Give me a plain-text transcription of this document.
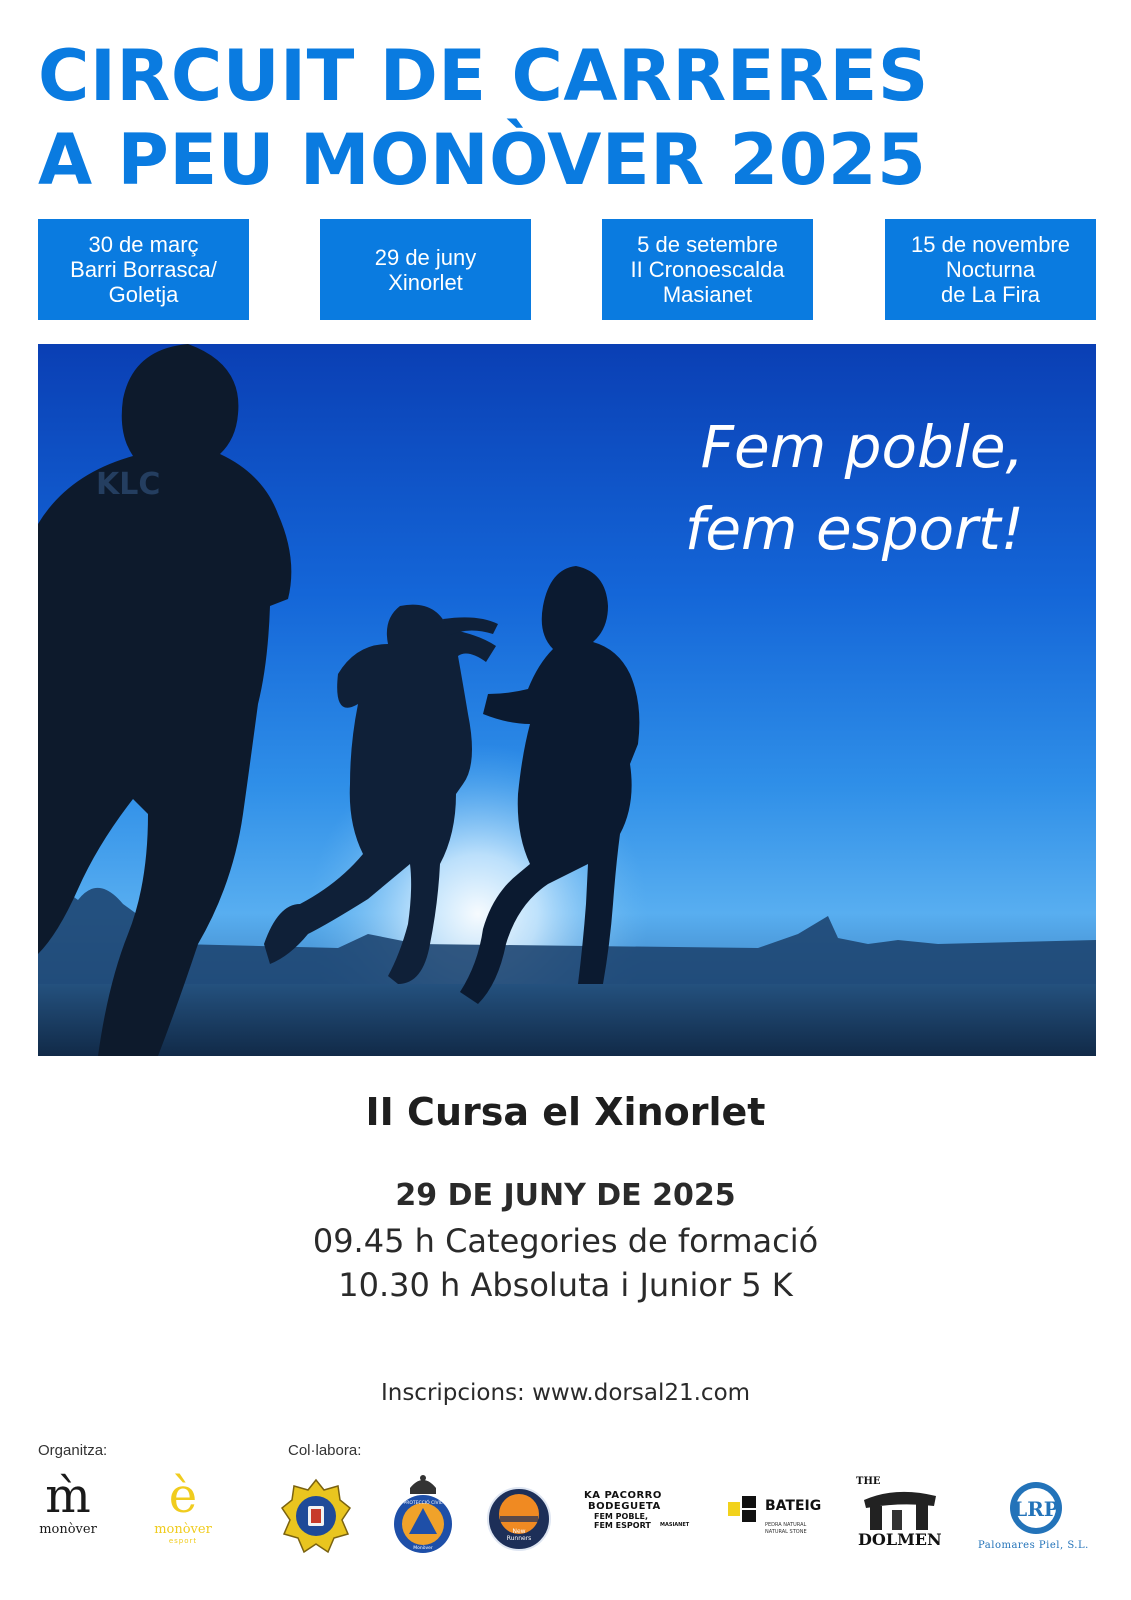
CIRCUIT DE CARRERES
A PEU MONÒVER 2025
30 de març
Barri Borrasca/
Goletja
29 de juny
Xinorlet
5 de setembre
II Cronoescalda
Masianet
15 de novembre
Nocturna
de La Fira
KLC
Fem poble,
fem esport!
II Cursa el Xinorlet
29 DE JUNY DE 2025
09.45 h Categories de formació
10.30 h Absoluta i Junior 5 K
Inscripcions: www.dorsal21.com
Organitza:	Col·labora:
m̀
monòver
è
monòver
esport
PROTECCIÓ CIVIL
Monòver
New
Runners
KA PACORRO
BODEGUETA
FEM POBLE,
FEM ESPORT	MASIANET
BATEIG
PEDRA NATURAL
NATURAL STONE
THE
DOLMEN
LRP
Palomares Piel, S.L.
